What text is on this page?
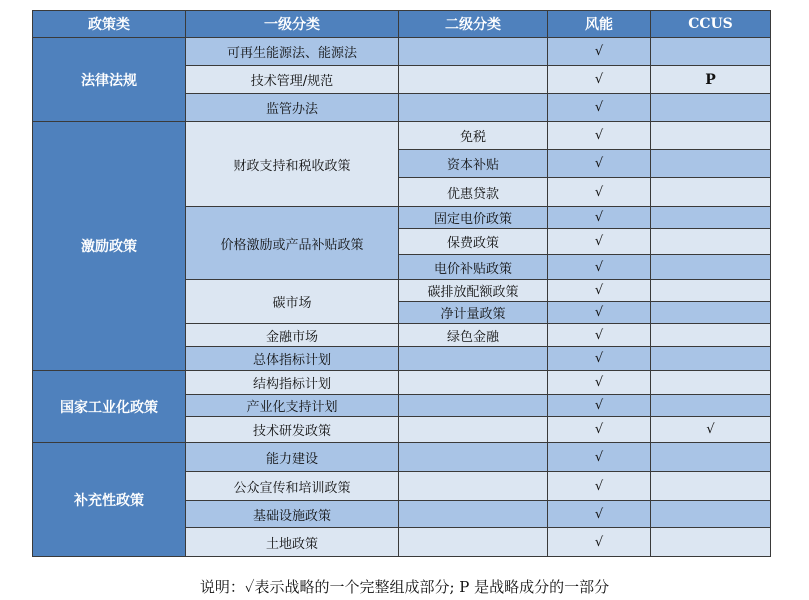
政策类	一级分类	二级分类	风能	CCUS
法律法规	可再生能源法、能源法		√	
	技术管理/规范		√	P
	监管办法		√	
激励政策	财政支持和税收政策	免税	√	
		资本补贴	√	
		优惠贷款	√	
	价格激励或产品补贴政策	固定电价政策	√	
		保费政策	√	
		电价补贴政策	√	
	碳市场	碳排放配额政策	√	
		净计量政策	√	
	金融市场	绿色金融	√	
	总体指标计划		√	
国家工业化政策	结构指标计划		√	
	产业化支持计划		√	
	技术研发政策		√	√
补充性政策	能力建设		√	
	公众宣传和培训政策		√	
	基础设施政策		√	
	土地政策		√	
说明：✓表示战略的一个完整组成部分; P 是战略成分的一部分
